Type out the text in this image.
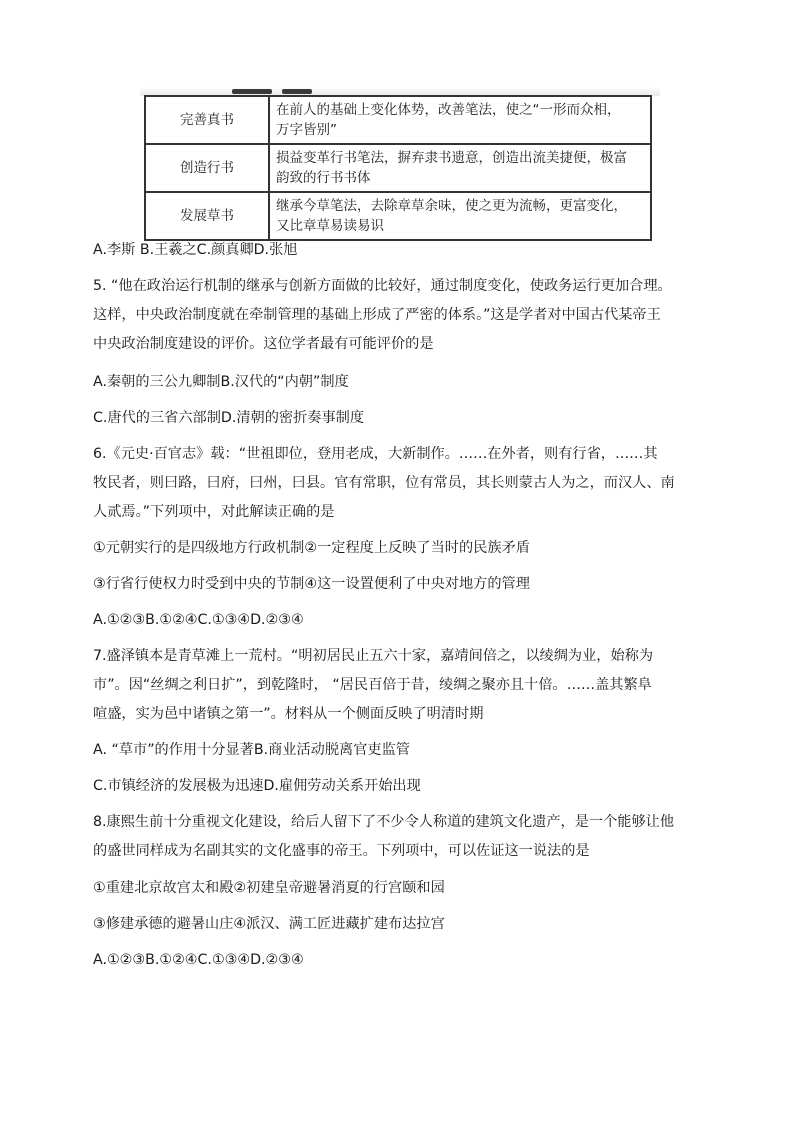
完善真书	在前人的基础上变化体势，改善笔法，使之“一形而众相，
万字皆别”

创造行书	损益变革行书笔法，摒弃隶书遗意，创造出流美捷便，极富
韵致的行书书体

发展草书	继承今草笔法，去除章草余味，使之更为流畅，更富变化，
又比章草易读易识
A.李斯 B.王羲之C.颜真卿D.张旭
5. “他在政治运行机制的继承与创新方面做的比较好，通过制度变化，使政务运行更加合理。
这样，中央政治制度就在牵制管理的基础上形成了严密的体系。”这是学者对中国古代某帝王
中央政治制度建设的评价。这位学者最有可能评价的是
A.秦朝的三公九卿制B.汉代的“内朝”制度
C.唐代的三省六部制D.清朝的密折奏事制度
6.《元史·百官志》载：“世祖即位，登用老成，大新制作。……在外者，则有行省，……其
牧民者，则曰路，曰府，曰州，曰县。官有常职，位有常员，其长则蒙古人为之，而汉人、南
人贰焉。”下列项中，对此解读正确的是
①元朝实行的是四级地方行政机制②一定程度上反映了当时的民族矛盾
③行省行使权力时受到中央的节制④这一设置便利了中央对地方的管理
A.①②③B.①②④C.①③④D.②③④
7.盛泽镇本是青草滩上一荒村。“明初居民止五六十家，嘉靖间倍之，以绫绸为业，始称为
市”。因“丝绸之利日扩”，到乾隆时， “居民百倍于昔，绫绸之聚亦且十倍。……盖其繁阜
喧盛，实为邑中诸镇之第一”。材料从一个侧面反映了明清时期
A. “草市”的作用十分显著B.商业活动脱离官吏监管
C.市镇经济的发展极为迅速D.雇佣劳动关系开始出现
8.康熙生前十分重视文化建设，给后人留下了不少令人称道的建筑文化遗产，是一个能够让他
的盛世同样成为名副其实的文化盛事的帝王。下列项中，可以佐证这一说法的是
①重建北京故宫太和殿②初建皇帝避暑消夏的行宫颐和园
③修建承德的避暑山庄④派汉、满工匠进藏扩建布达拉宫
A.①②③B.①②④C.①③④D.②③④
